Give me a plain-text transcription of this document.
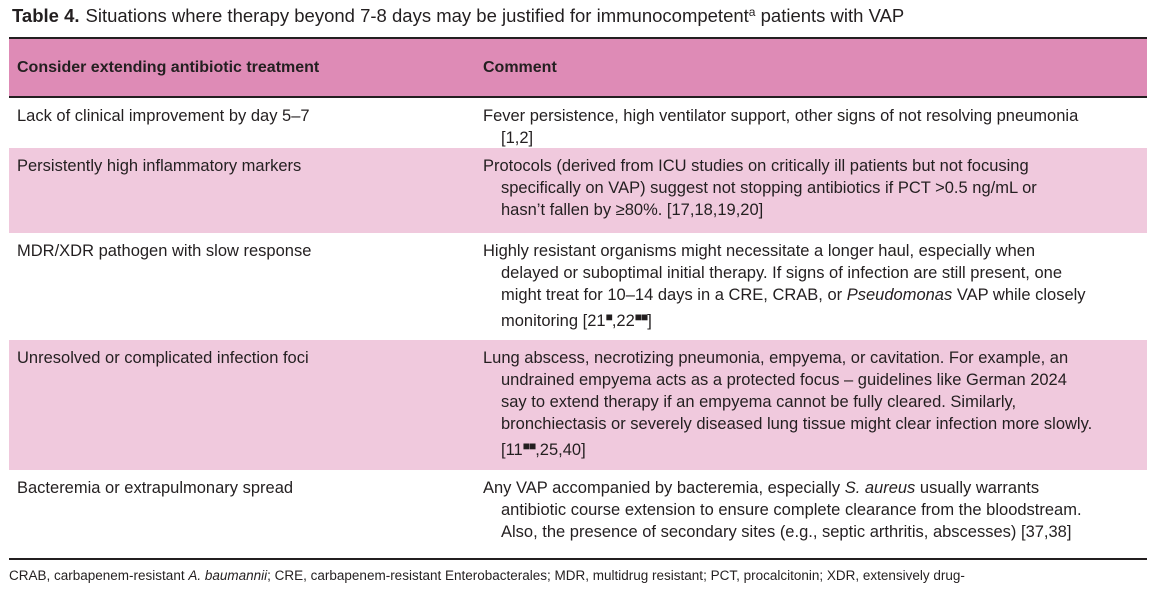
Table 4. Situations where therapy beyond 7-8 days may be justified for immunocompetent$^a$ patients with VAP
Consider extending antibiotic treatment	Comment
Lack of clinical improvement by day 5–7	Fever persistence, high ventilator support, other signs of not resolving pneumonia
[1,2]
Persistently high inflammatory markers	Protocols (derived from ICU studies on critically ill patients but not focusing
specifically on VAP) suggest not stopping antibiotics if PCT >0.5 ng/mL or
hasn’t fallen by ≥80%. [17,18,19,20]
MDR/XDR pathogen with slow response	Highly resistant organisms might necessitate a longer haul, especially when
delayed or suboptimal initial therapy. If signs of infection are still present, one
might treat for 10–14 days in a CRE, CRAB, or Pseudomonas VAP while closely
monitoring [21■,22■■]
Unresolved or complicated infection foci	Lung abscess, necrotizing pneumonia, empyema, or cavitation. For example, an
undrained empyema acts as a protected focus – guidelines like German 2024
say to extend therapy if an empyema cannot be fully cleared. Similarly,
bronchiectasis or severely diseased lung tissue might clear infection more slowly.
[11■■,25,40]
Bacteremia or extrapulmonary spread	Any VAP accompanied by bacteremia, especially S. aureus usually warrants
antibiotic course extension to ensure complete clearance from the bloodstream.
Also, the presence of secondary sites (e.g., septic arthritis, abscesses) [37,38]
CRAB, carbapenem-resistant A. baumannii; CRE, carbapenem-resistant Enterobacterales; MDR, multidrug resistant; PCT, procalcitonin; XDR, extensively drug-
